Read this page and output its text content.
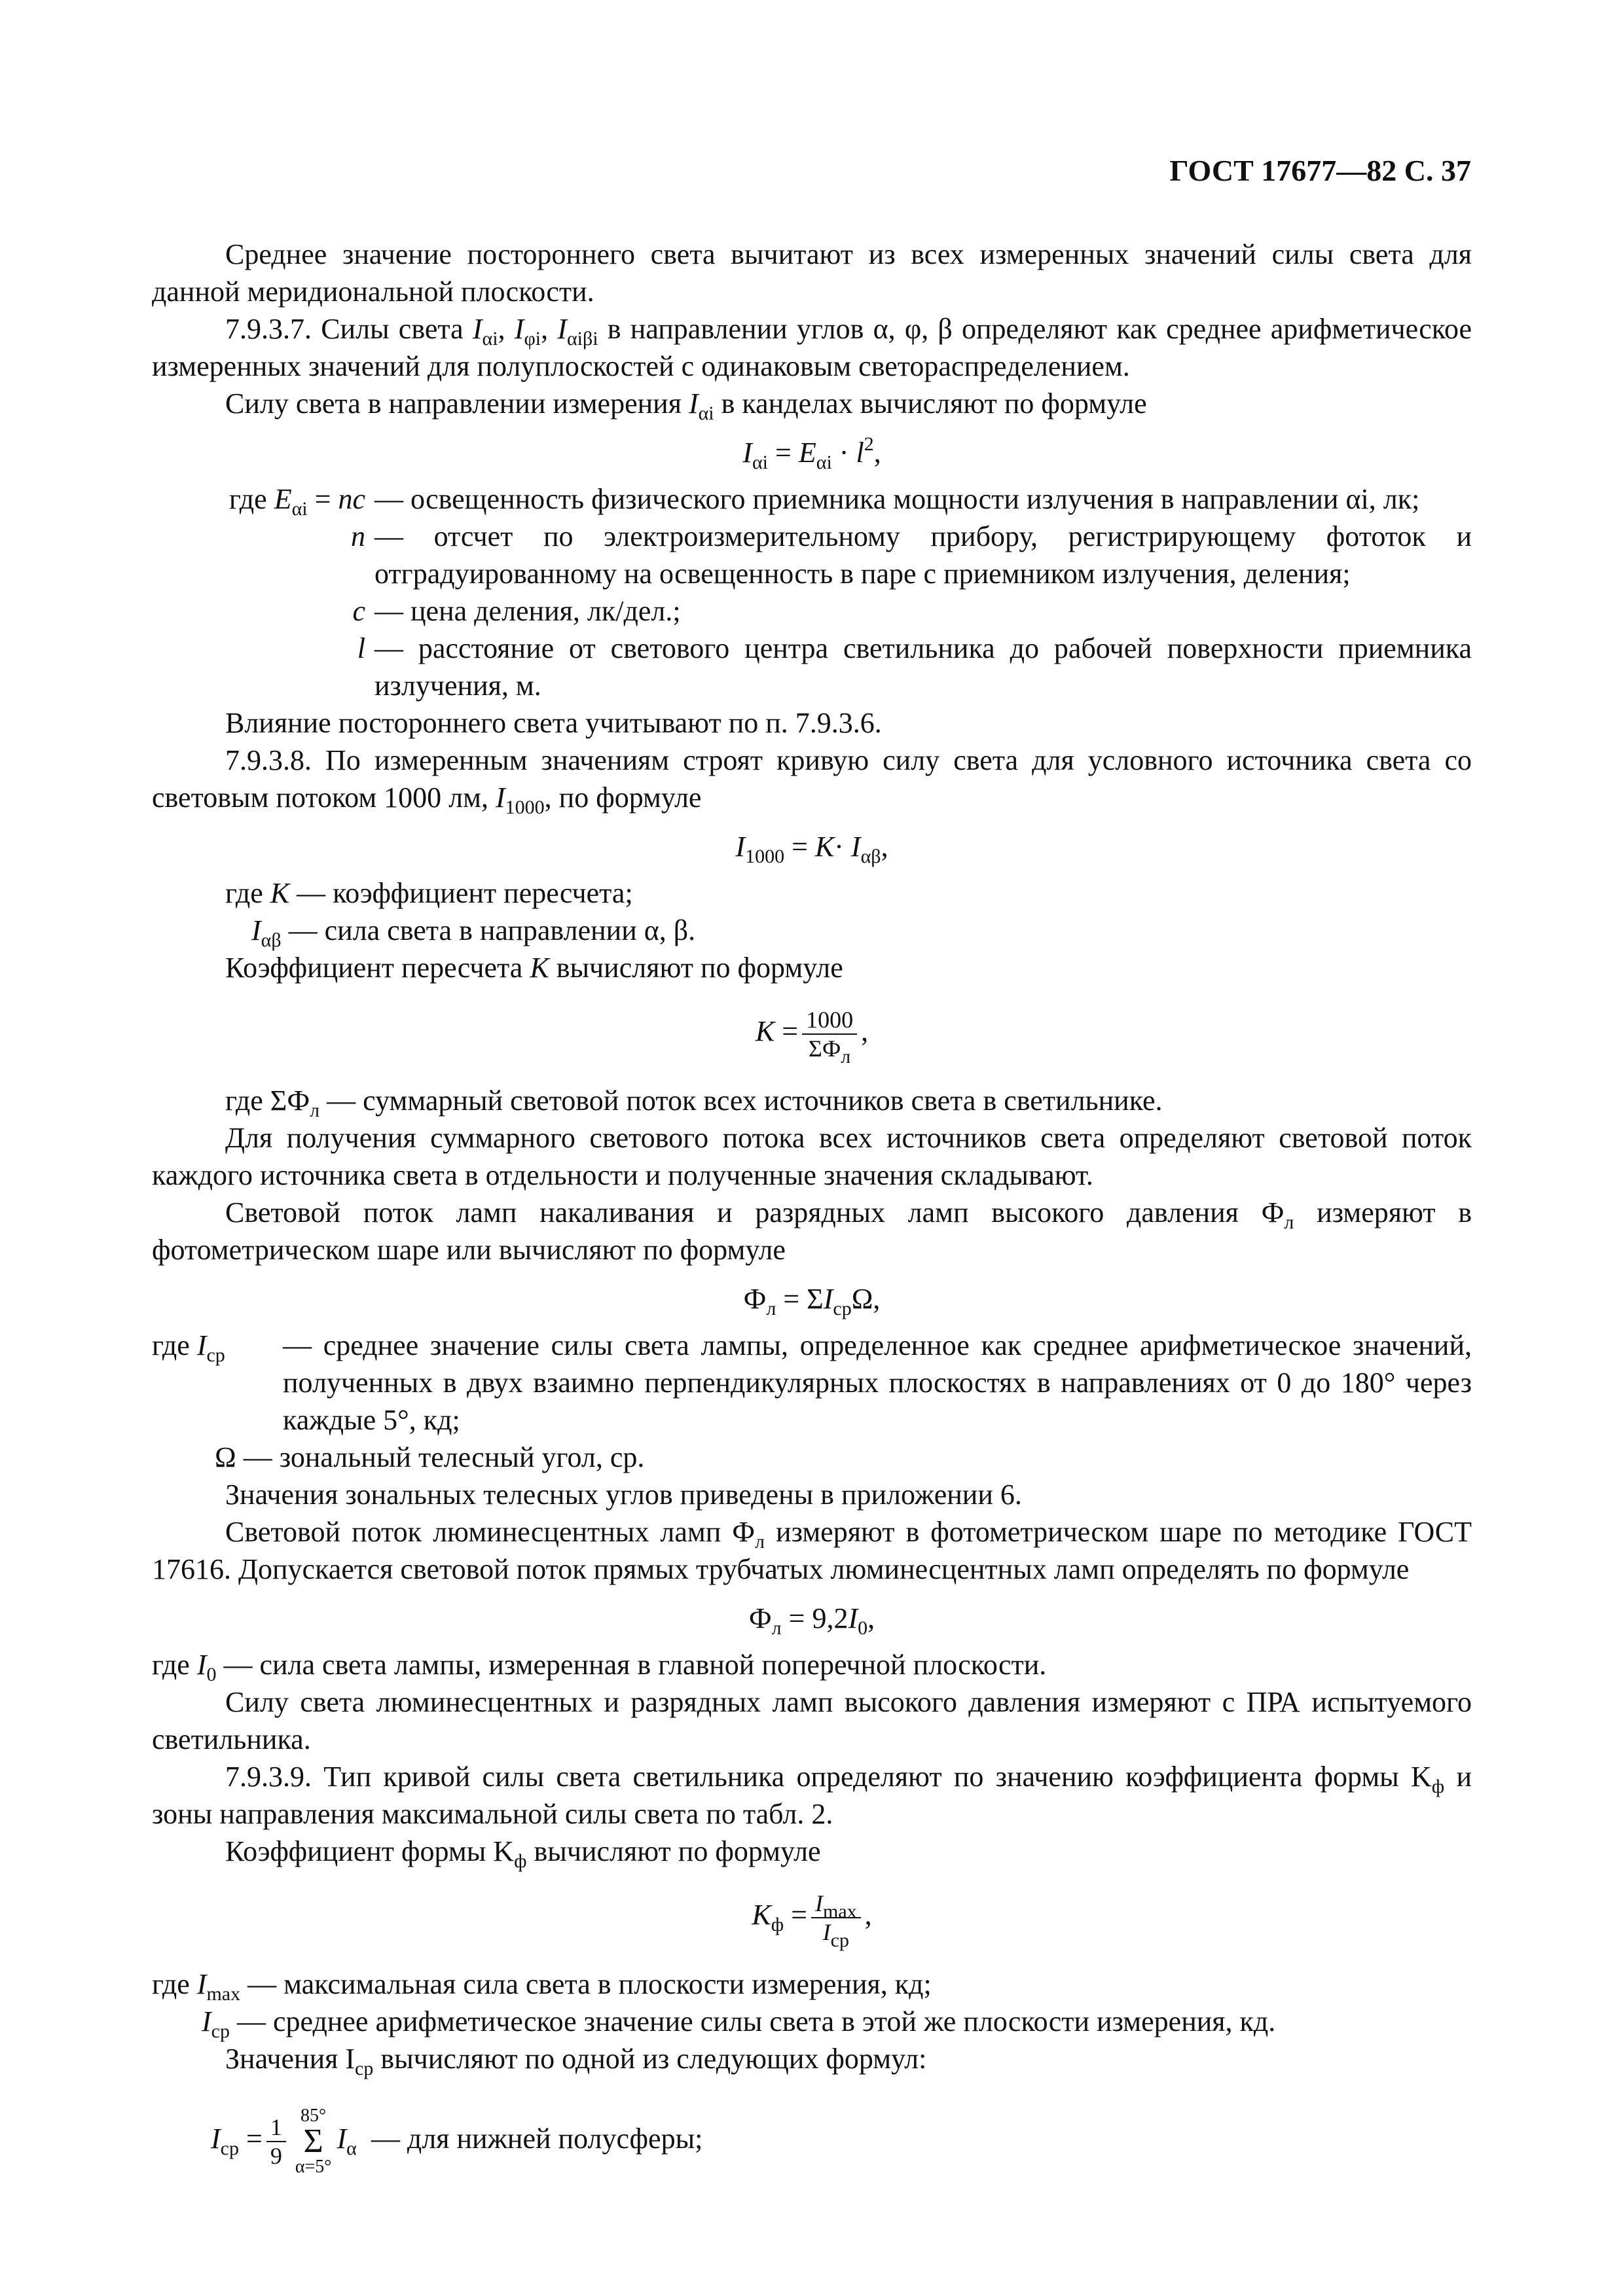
ГОСТ 17677—82 С. 37

Среднее значение постороннего света вычитают из всех измеренных значений силы света для данной меридиональной плоскости.

7.9.3.7. Силы света $I_{\alpha i}$, $I_{\varphi i}$, $I_{\alpha i\beta i}$ в направлении углов α, φ, β определяют как среднее арифметическое измеренных значений для полуплоскостей с одинаковым светораспределением.

Силу света в направлении измерения $I_{\alpha i}$ в канделах вычисляют по формуле

$I_{\alpha i} = E_{\alpha i} \cdot l^2$,

где $E_{\alpha i}$ = nc — освещенность физического приемника мощности излучения в направлении αi, лк;
n — отсчет по электроизмерительному прибору, регистрирующему фототок и отградуированному на освещенность в паре с приемником излучения, деления;
c — цена деления, лк/дел.;
l — расстояние от светового центра светильника до рабочей поверхности приемника излучения, м.

Влияние постороннего света учитывают по п. 7.9.3.6.

7.9.3.8. По измеренным значениям строят кривую силу света для условного источника света со световым потоком 1000 лм, $I_{1000}$, по формуле

$I_{1000} = K\cdot I_{\alpha\beta}$,

где K — коэффициент пересчета;

$I_{\alpha\beta}$ — сила света в направлении α, β.

Коэффициент пересчета K вычисляют по формуле

$K = \frac{1000}{\Sigma Ф_л}$ ,

где $\Sigma Ф_л$ — суммарный световой поток всех источников света в светильнике.

Для получения суммарного светового потока всех источников света определяют световой поток каждого источника света в отдельности и полученные значения складывают.

Световой поток ламп накаливания и разрядных ламп высокого давления $Ф_л$ измеряют в фотометрическом шаре или вычисляют по формуле

$Ф_л = \Sigma I_{ср}\Omega$,

где $I_{ср}$	— среднее значение силы света лампы, определенное как среднее арифметическое значений, полученных в двух взаимно перпендикулярных плоскостях в направлениях от 0 до 180° через каждые 5°, кд;

Ω — зональный телесный угол, ср.

Значения зональных телесных углов приведены в приложении 6.

Световой поток люминесцентных ламп $Ф_л$ измеряют в фотометрическом шаре по методике ГОСТ 17616. Допускается световой поток прямых трубчатых люминесцентных ламп определять по формуле

$Ф_л = 9,2I_0$,

где $I_0$ — сила света лампы, измеренная в главной поперечной плоскости.

Силу света люминесцентных и разрядных ламп высокого давления измеряют с ПРА испытуемого светильника.

7.9.3.9. Тип кривой силы света светильника определяют по значению коэффициента формы $K_ф$ и зоны направления максимальной силы света по табл. 2.

Коэффициент формы $K_ф$ вычисляют по формуле

$K_ф = \frac{I_{max}}{I_{ср}}$ ,

где $I_{max}$ — максимальная сила света в плоскости измерения, кд;

$I_{ср}$ — среднее арифметическое значение силы света в этой же плоскости измерения, кд.

Значения $I_{ср}$ вычисляют по одной из следующих формул:

$I_{ср} = \frac{1}{9} 85^\circ$
Σ
α=5°
$I_\alpha$ — для нижней полусферы;
